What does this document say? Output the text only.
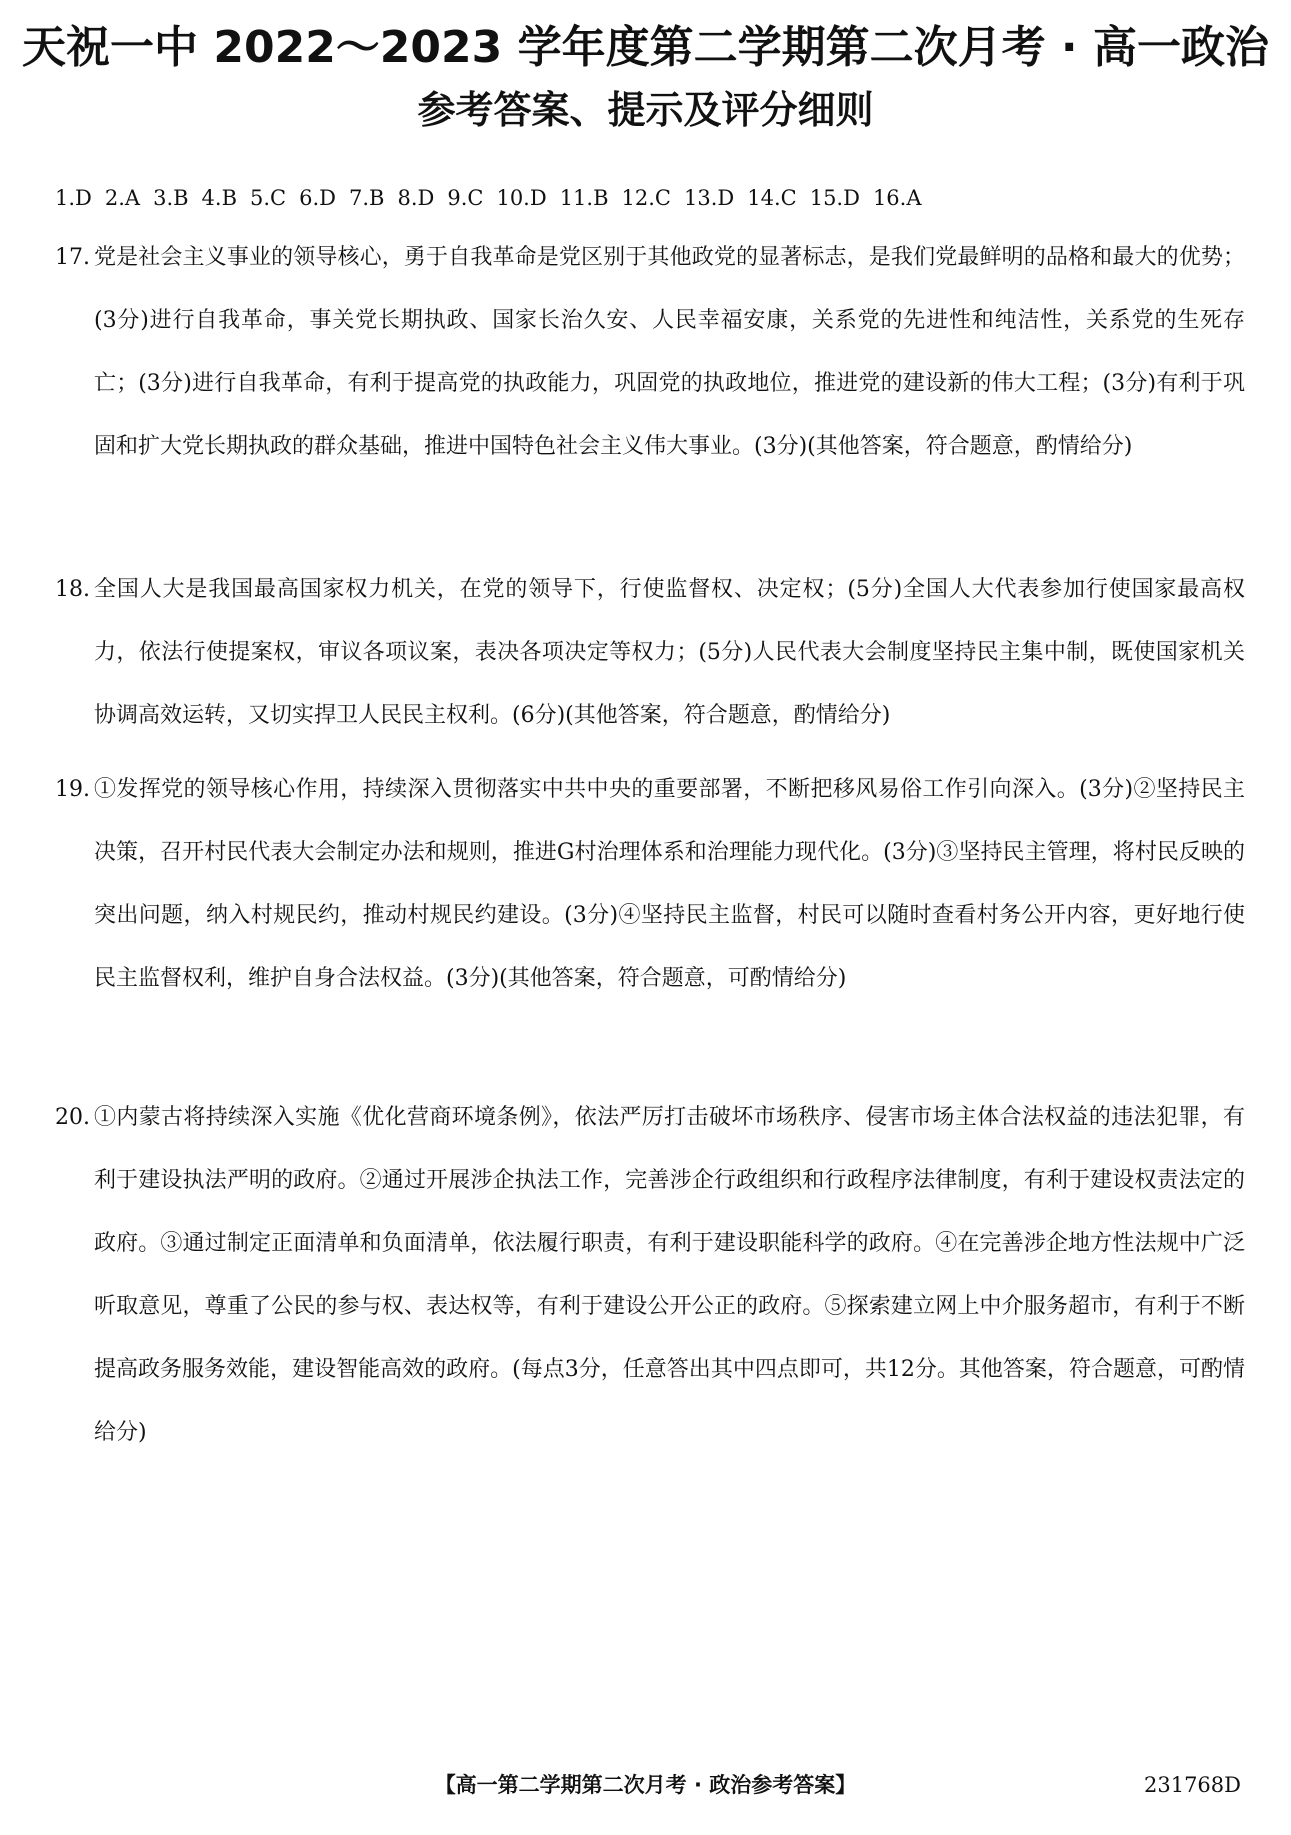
天祝一中 2022～2023 学年度第二学期第二次月考 · 高一政治
参考答案、提示及评分细则
1.D 2.A 3.B 4.B 5.C 6.D 7.B 8.D 9.C 10.D 11.B 12.C 13.D 14.C 15.D 16.A
17. 党是社会主义事业的领导核心，勇于自我革命是党区别于其他政党的显著标志，是我们党最鲜明的品格和最大的优势；(3分)进行自我革命，事关党长期执政、国家长治久安、人民幸福安康，关系党的先进性和纯洁性，关系党的生死存亡；(3分)进行自我革命，有利于提高党的执政能力，巩固党的执政地位，推进党的建设新的伟大工程；(3分)有利于巩固和扩大党长期执政的群众基础，推进中国特色社会主义伟大事业。(3分)(其他答案，符合题意，酌情给分)
18. 全国人大是我国最高国家权力机关，在党的领导下，行使监督权、决定权；(5分)全国人大代表参加行使国家最高权力，依法行使提案权，审议各项议案，表决各项决定等权力；(5分)人民代表大会制度坚持民主集中制，既使国家机关协调高效运转，又切实捍卫人民民主权利。(6分)(其他答案，符合题意，酌情给分)
19. ①发挥党的领导核心作用，持续深入贯彻落实中共中央的重要部署，不断把移风易俗工作引向深入。(3分)②坚持民主决策，召开村民代表大会制定办法和规则，推进G村治理体系和治理能力现代化。(3分)③坚持民主管理，将村民反映的突出问题，纳入村规民约，推动村规民约建设。(3分)④坚持民主监督，村民可以随时查看村务公开内容，更好地行使民主监督权利，维护自身合法权益。(3分)(其他答案，符合题意，可酌情给分)
20. ①内蒙古将持续深入实施《优化营商环境条例》，依法严厉打击破坏市场秩序、侵害市场主体合法权益的违法犯罪，有利于建设执法严明的政府。②通过开展涉企执法工作，完善涉企行政组织和行政程序法律制度，有利于建设权责法定的政府。③通过制定正面清单和负面清单，依法履行职责，有利于建设职能科学的政府。④在完善涉企地方性法规中广泛听取意见，尊重了公民的参与权、表达权等，有利于建设公开公正的政府。⑤探索建立网上中介服务超市，有利于不断提高政务服务效能，建设智能高效的政府。(每点3分，任意答出其中四点即可，共12分。其他答案，符合题意，可酌情给分)
【高一第二学期第二次月考 · 政治参考答案】	231768D
